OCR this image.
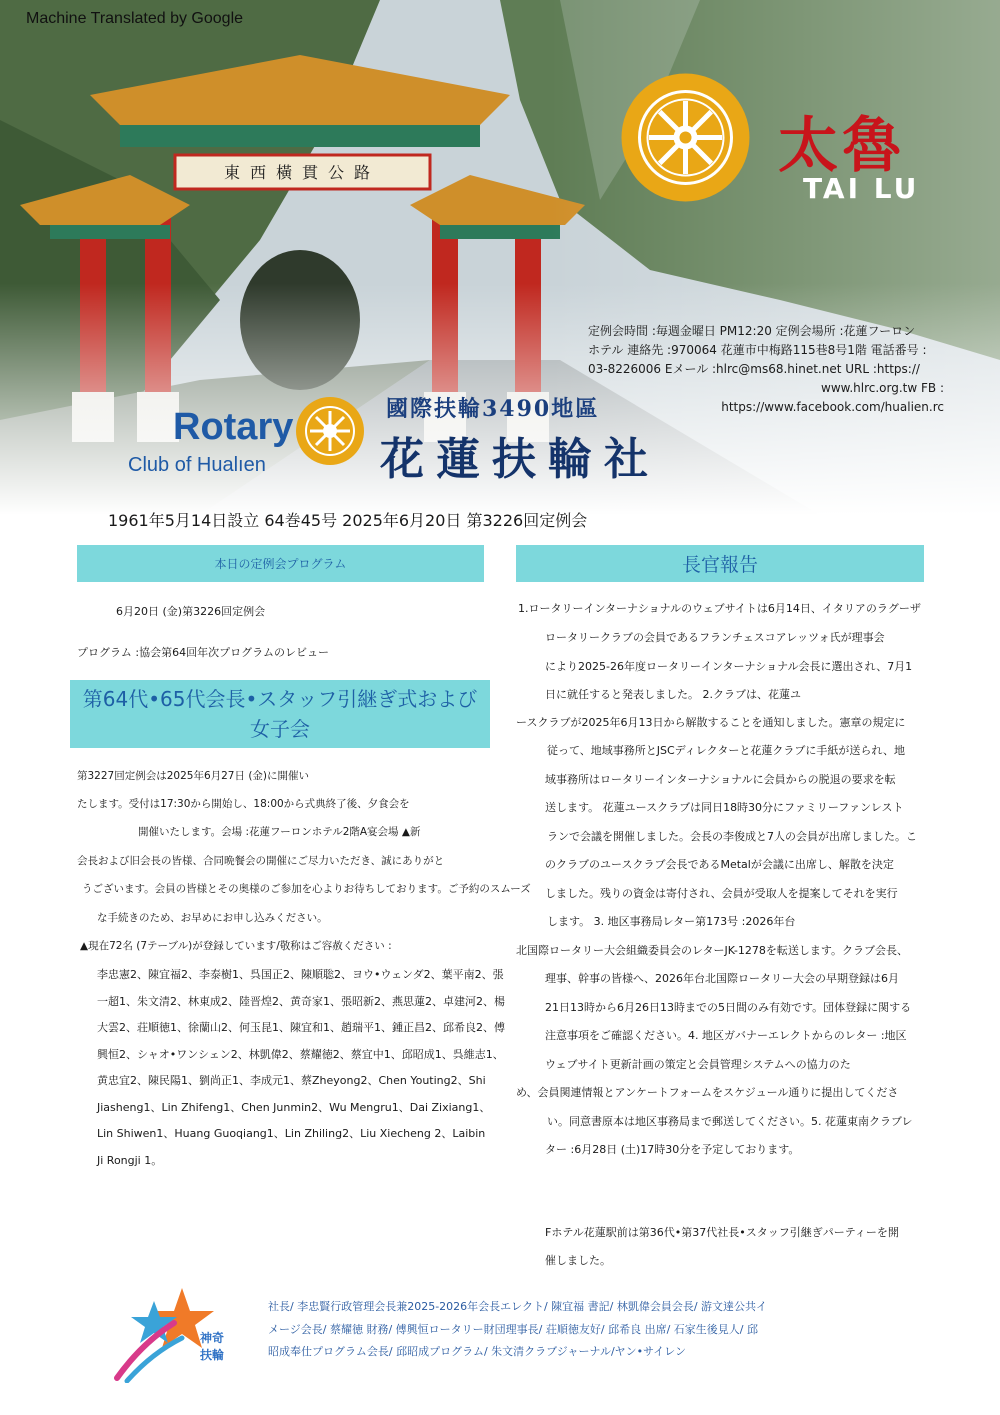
東西橫貫公路
Machine Translated by Google
太魯
TAI LU
定例会時間 :毎週金曜日 PM12:20 定例会場所 :花蓮フーロン
ホテル 連絡先 :970064 花蓮市中梅路115巷8号1階 電話番号 :
03-8226006 Eメール :hlrc@ms68.hinet.net URL :https://
www.hlrc.org.tw FB :
https://www.facebook.com/hualien.rc
Rotary
Club of Hualıen
國際扶輪3490地區
花蓮扶輪社
1961年5月14日設立 64巻45号 2025年6月20日 第3226回定例会
本日の定例会プログラム
6月20日 (金)第3226回定例会
プログラム :協会第64回年次プログラムのレビュー
第64代•65代会長•スタッフ引継ぎ式および
女子会
第3227回定例会は2025年6月27日 (金)に開催い
たします。受付は17:30から開始し、18:00から式典終了後、夕食会を
開催いたします。会場 :花蓮フーロンホテル2階A宴会場 ▲新
会長および旧会長の皆様、合同晩餐会の開催にご尽力いただき、誠にありがと
うございます。会員の皆様とその奥様のご参加を心よりお待ちしております。ご予約のスムーズ
な手続きのため、お早めにお申し込みください。
▲現在72名 (7テーブル)が登録しています/敬称はご容赦ください :
李忠憲2、陳宜福2、李泰樹1、呉国正2、陳順聡2、ヨウ•ウェンダ2、葉平南2、張
一超1、朱文清2、林東成2、陸晋煌2、黄奇家1、張昭新2、燕思蓮2、卓建河2、楊
大雲2、荘順徳1、徐蘭山2、何玉昆1、陳宜和1、趙瑞平1、鍾正昌2、邱希良2、傅
興恒2、シャオ•ワンシェン2、林凱偉2、蔡耀徳2、蔡宜中1、邱昭成1、呉維志1、
黄忠宜2、陳民陽1、劉尚正1、李成元1、蔡Zheyong2、Chen Youting2、Shi
Jiasheng1、Lin Zhifeng1、Chen Junmin2、Wu Mengru1、Dai Zixiang1、
Lin Shiwen1、Huang Guoqiang1、Lin Zhiling2、Liu Xiecheng 2、Laibin
Ji Rongji 1。
長官報告
1.ロータリーインターナショナルのウェブサイトは6月14日、イタリアのラグーザ
ロータリークラブの会員であるフランチェスコアレッツォ氏が理事会
により2025-26年度ロータリーインターナショナル会長に選出され、7月1
日に就任すると発表しました。 2.クラブは、花蓮ユ
ースクラブが2025年6月13日から解散することを通知しました。憲章の規定に
従って、地域事務所とJSCディレクターと花蓮クラブに手紙が送られ、地
域事務所はロータリーインターナショナルに会員からの脱退の要求を転
送します。 花蓮ユースクラブは同日18時30分にファミリーファンレスト
ランで会議を開催しました。会長の李俊成と7人の会員が出席しました。こ
のクラブのユースクラブ会長であるMetalが会議に出席し、解散を決定
しました。残りの資金は寄付され、会員が受取人を提案してそれを実行
します。 3. 地区事務局レター第173号 :2026年台
北国際ロータリー大会組織委員会のレターJK-1278を転送します。クラブ会長、
理事、幹事の皆様へ、2026年台北国際ロータリー大会の早期登録は6月
21日13時から6月26日13時までの5日間のみ有効です。団体登録に関する
注意事項をご確認ください。4. 地区ガバナーエレクトからのレター :地区
ウェブサイト更新計画の策定と会員管理システムへの協力のた
め、会員関連情報とアンケートフォームをスケジュール通りに提出してくださ
い。同意書原本は地区事務局まで郵送してください。5. 花蓮東南クラブレ
ター :6月28日 (土)17時30分を予定しております。
Fホテル花蓮駅前は第36代•第37代社長•スタッフ引継ぎパーティーを開
催しました。
神奇
扶輪
社長/ 李忠賢行政管理会長兼2025-2026年会長エレクト/ 陳宜福 書記/ 林凱偉会員会長/ 游文達公共イ
メージ会長/ 蔡耀徳 財務/ 傅興恒ロータリー財団理事長/ 荘順徳友好/ 邱希良 出席/ 石家生後見人/ 邱
昭成奉仕プログラム会長/ 邱昭成プログラム/ 朱文清クラブジャーナル/ヤン•サイレン
